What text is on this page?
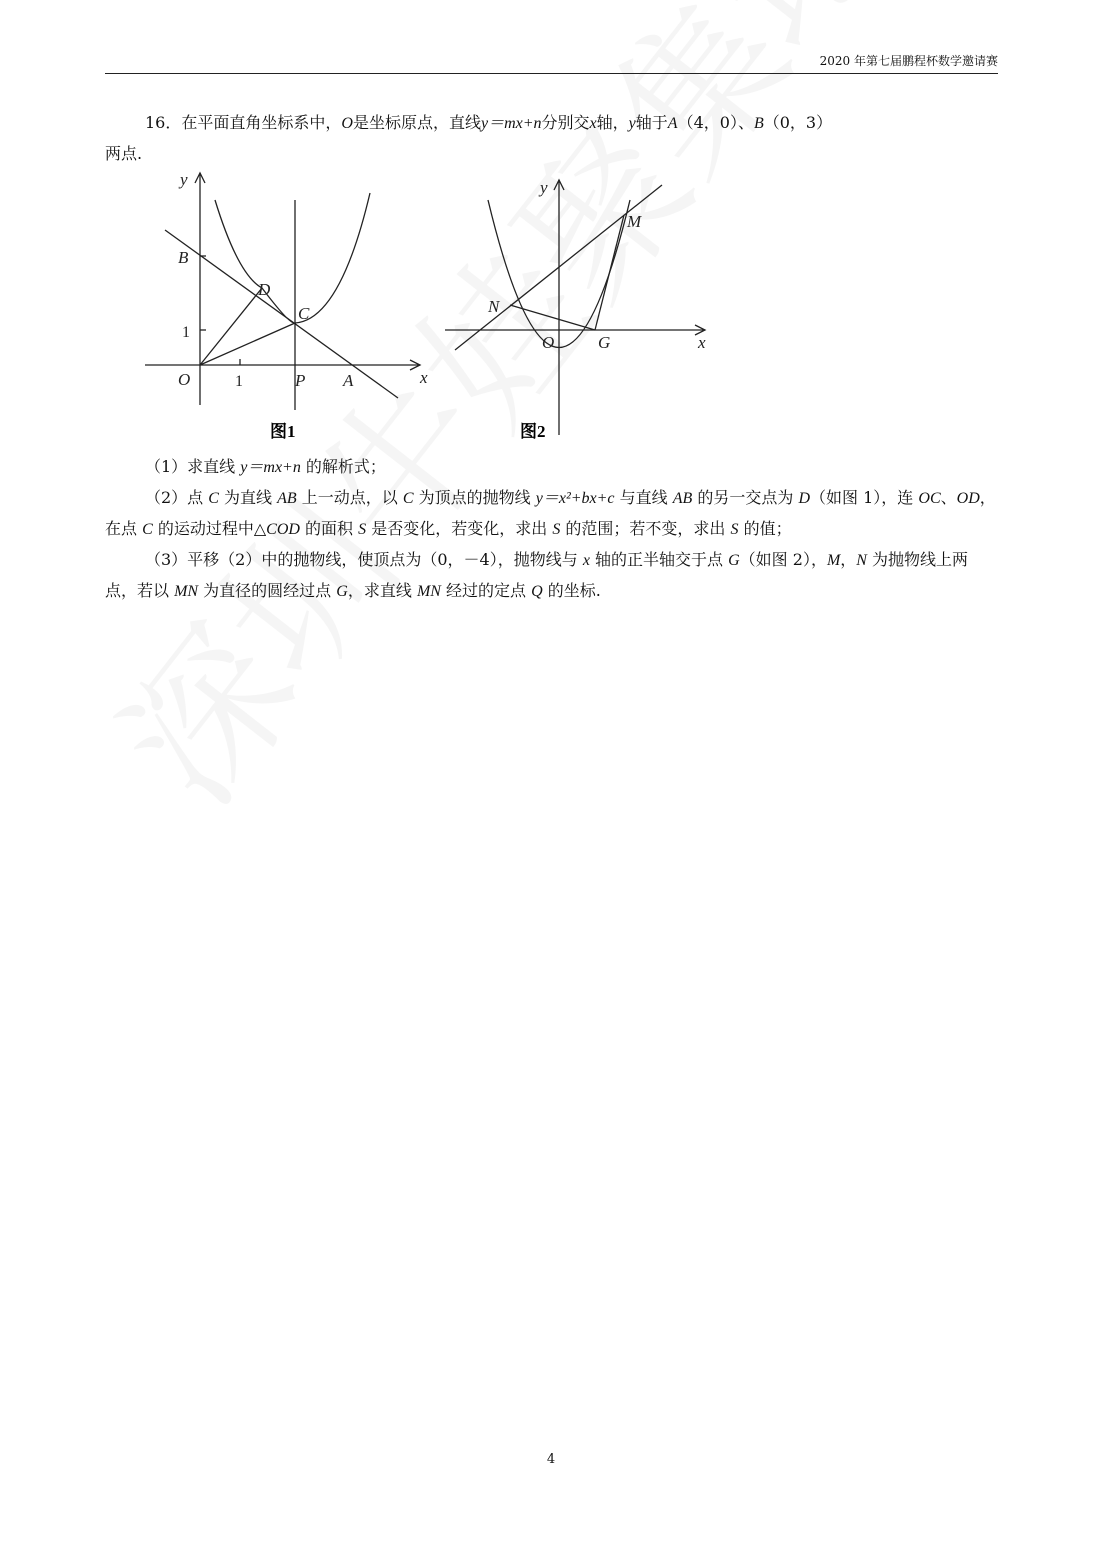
2020 年第七届鹏程杯数学邀请赛

16．在平面直角坐标系中，O是坐标原点，直线y＝mx+n分别交x轴，y轴于A（4，0）、B（0，3）
两点.

y
x
B
D
C
O	P A
1
1
图1
y
x
M
N
O	G
图2

（1）求直线 y＝mx+n 的解析式；

（2）点 C 为直线 AB 上一动点，以 C 为顶点的抛物线 y＝x²+bx+c 与直线 AB 的另一交点为 D（如图 1），连 OC、OD，在点 C 的运动过程中△COD 的面积 S 是否变化，若变化，求出 S 的范围；若不变，求出 S 的值；

（3）平移（2）中的抛物线，使顶点为（0，－4），抛物线与 x 轴的正半轴交于点 G（如图 2），M，N 为抛物线上两点，若以 MN 为直径的圆经过点 G，求直线 MN 经过的定点 Q 的坐标.

4
